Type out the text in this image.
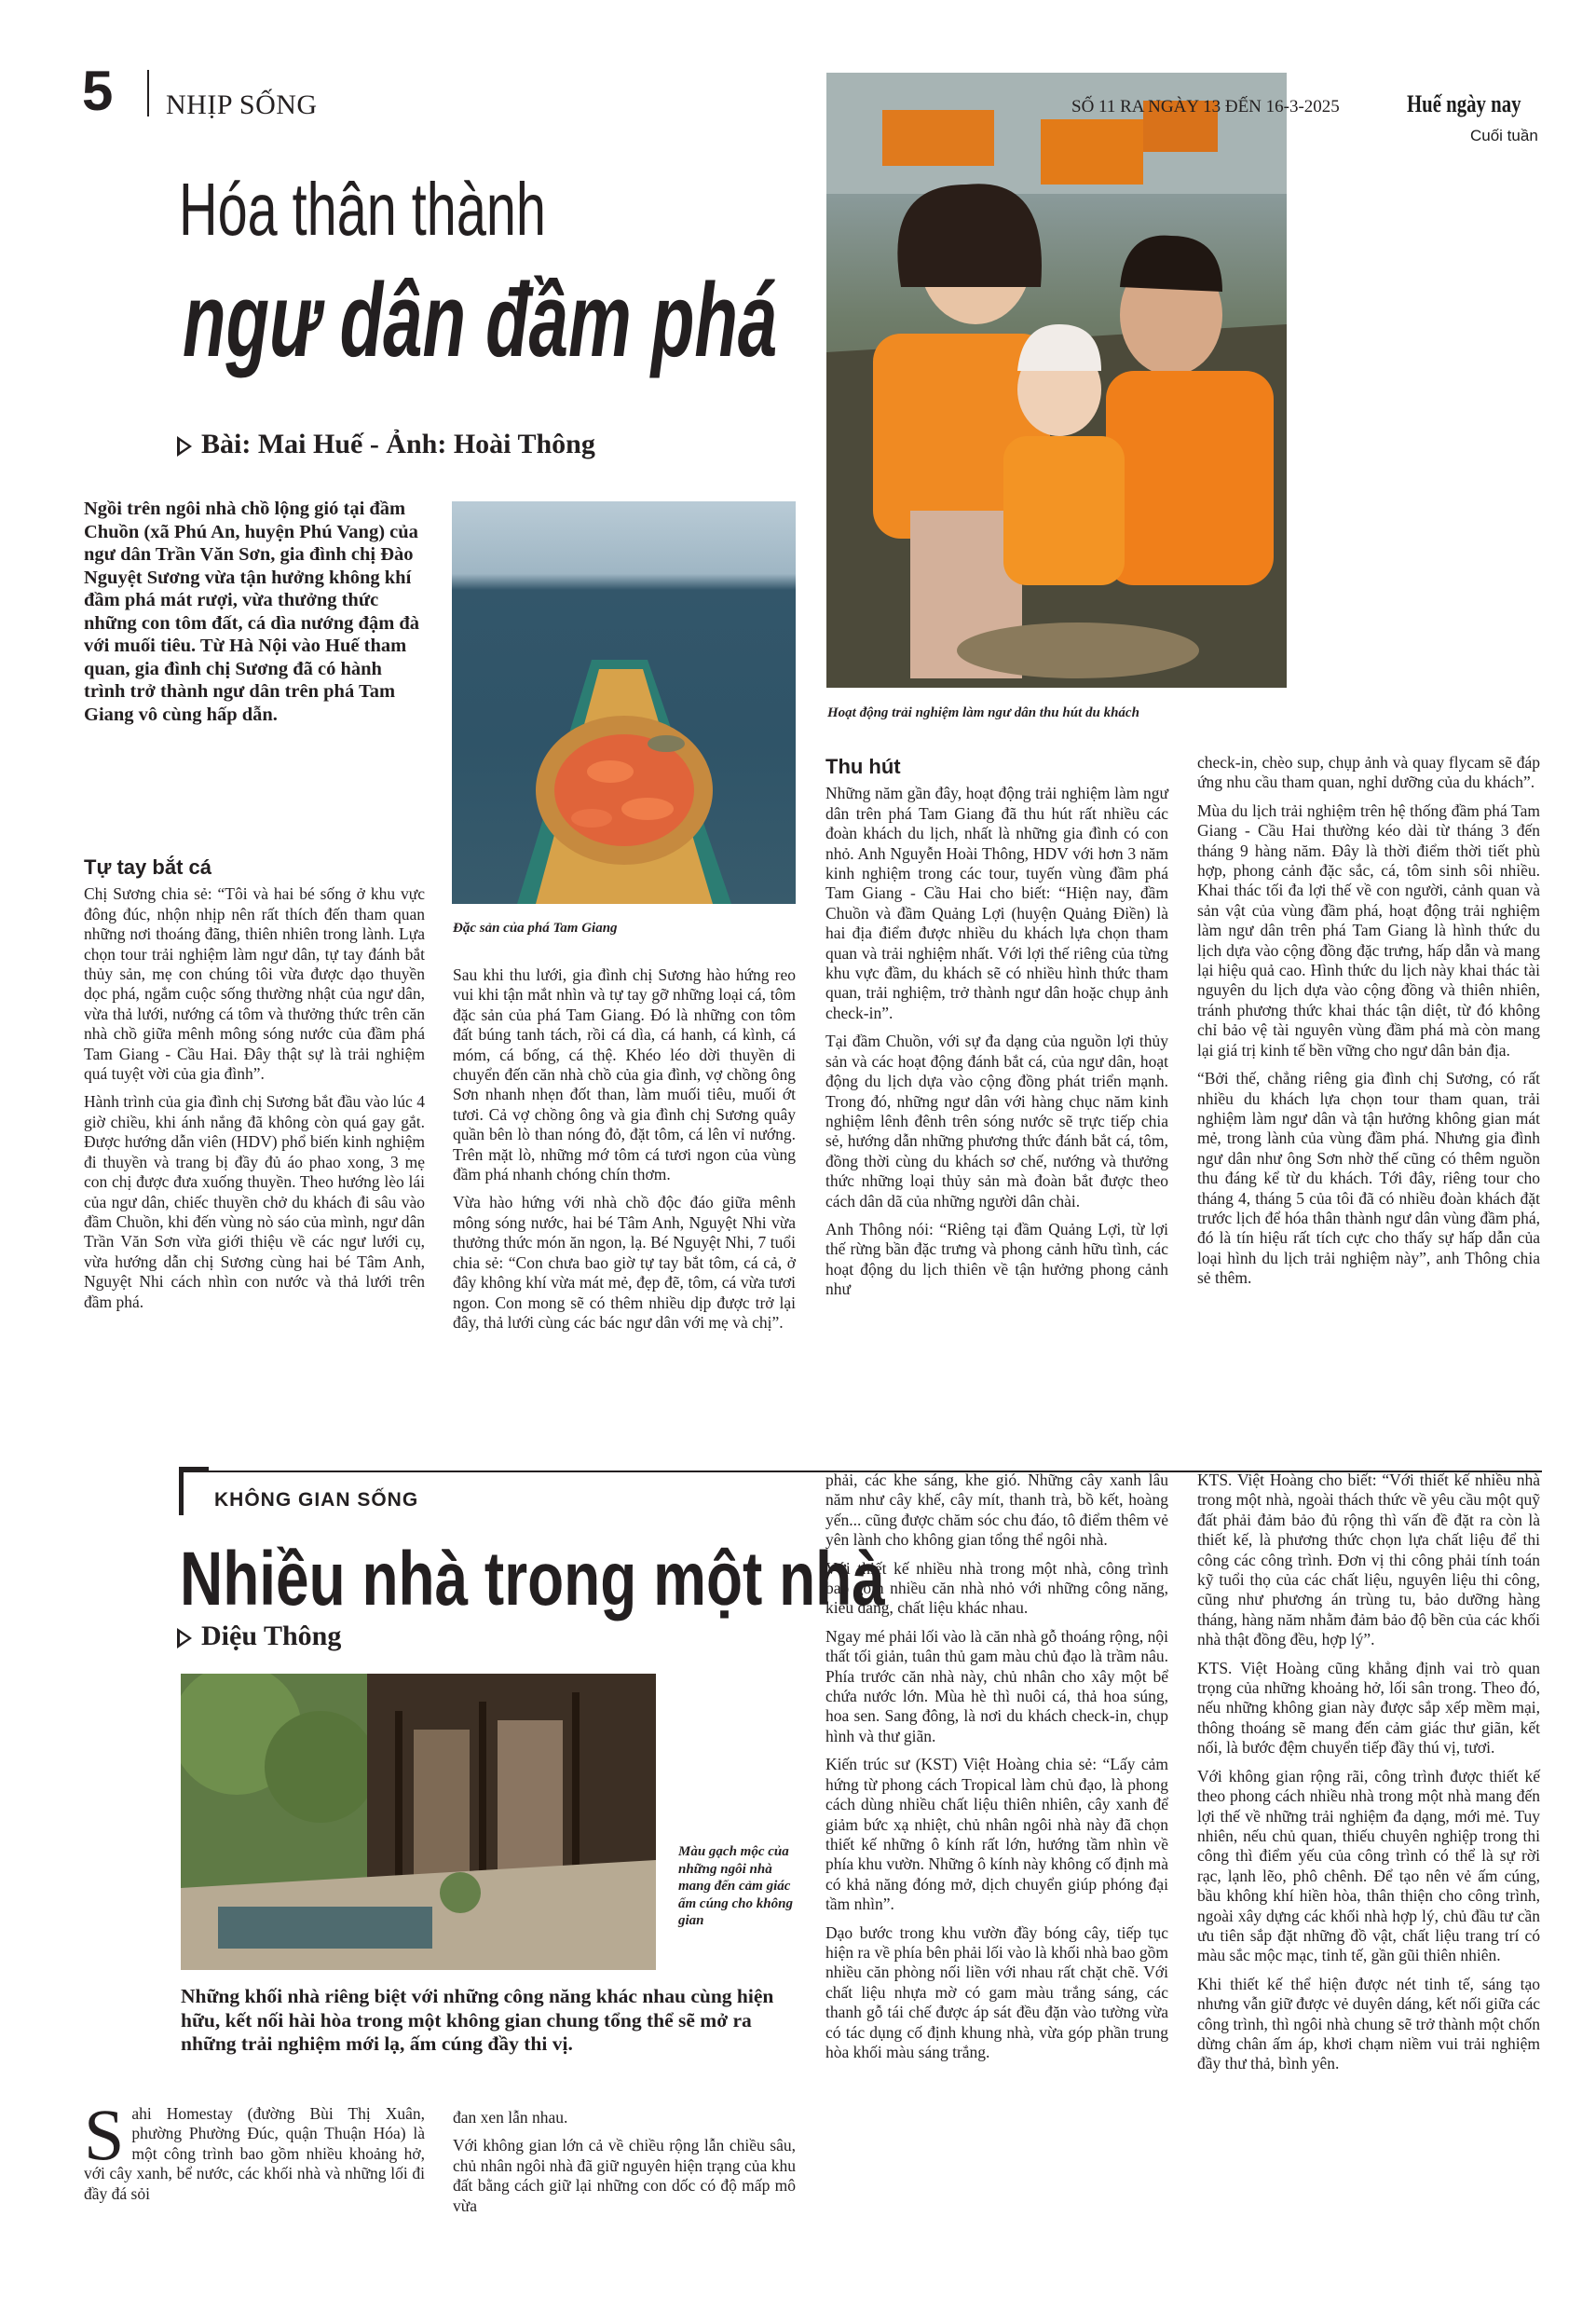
5 NHỊP SỐNG
Hóa thân thành
ngư dân đầm phá
Bài: Mai Huế - Ảnh: Hoài Thông
SỐ 11 RA NGÀY 13 ĐẾN 16-3-2025	Huế ngày nay
Cuối tuần
Hoạt động trải nghiệm làm ngư dân thu hút du khách
Ngồi trên ngôi nhà chồ lộng gió tại đầm Chuồn (xã Phú An, huyện Phú Vang) của ngư dân Trần Văn Sơn, gia đình chị Đào Nguyệt Sương vừa tận hưởng không khí đầm phá mát rượi, vừa thưởng thức những con tôm đất, cá dìa nướng đậm đà với muối tiêu. Từ Hà Nội vào Huế tham quan, gia đình chị Sương đã có hành trình trở thành ngư dân trên phá Tam Giang vô cùng hấp dẫn.
Đặc sản của phá Tam Giang
Tự tay bắt cá

Chị Sương chia sẻ: “Tôi và hai bé sống ở khu vực đông đúc, nhộn nhịp nên rất thích đến tham quan những nơi thoáng đãng, thiên nhiên trong lành. Lựa chọn tour trải nghiệm làm ngư dân, tự tay đánh bắt thủy sản, mẹ con chúng tôi vừa được dạo thuyền dọc phá, ngắm cuộc sống thường nhật của ngư dân, vừa thả lưới, nướng cá tôm và thưởng thức trên căn nhà chồ giữa mênh mông sóng nước của đầm phá Tam Giang - Cầu Hai. Đây thật sự là trải nghiệm quá tuyệt vời của gia đình”.

Hành trình của gia đình chị Sương bắt đầu vào lúc 4 giờ chiều, khi ánh nắng đã không còn quá gay gắt. Được hướng dẫn viên (HDV) phổ biến kinh nghiệm đi thuyền và trang bị đầy đủ áo phao xong, 3 mẹ con chị được đưa xuống thuyền. Theo hướng lèo lái của ngư dân, chiếc thuyền chở du khách đi sâu vào đầm Chuồn, khi đến vùng nò sáo của mình, ngư dân Trần Văn Sơn vừa giới thiệu về các ngư lưới cụ, vừa hướng dẫn chị Sương cùng hai bé Tâm Anh, Nguyệt Nhi cách nhìn con nước và thả lưới trên đầm phá.

Sau khi thu lưới, gia đình chị Sương hào hứng reo vui khi tận mắt nhìn và tự tay gỡ những loại cá, tôm đặc sản của phá Tam Giang. Đó là những con tôm đất búng tanh tách, rồi cá dìa, cá hanh, cá kình, cá móm, cá bống, cá thệ. Khéo léo dời thuyền di chuyển đến căn nhà chồ của gia đình, vợ chồng ông Sơn nhanh nhẹn đốt than, làm muối tiêu, muối ớt tươi. Cả vợ chồng ông và gia đình chị Sương quây quần bên lò than nóng đỏ, đặt tôm, cá lên vỉ nướng. Trên mặt lò, những mớ tôm cá tươi ngon của vùng đầm phá nhanh chóng chín thơm.

Vừa hào hứng với nhà chồ độc đáo giữa mênh mông sóng nước, hai bé Tâm Anh, Nguyệt Nhi vừa thưởng thức món ăn ngon, lạ. Bé Nguyệt Nhi, 7 tuổi chia sẻ: “Con chưa bao giờ tự tay bắt tôm, cá cả, ở đây không khí vừa mát mẻ, đẹp đẽ, tôm, cá vừa tươi ngon. Con mong sẽ có thêm nhiều dịp được trở lại đây, thả lưới cùng các bác ngư dân với mẹ và chị”.

Thu hút

Những năm gần đây, hoạt động trải nghiệm làm ngư dân trên phá Tam Giang đã thu hút rất nhiều các đoàn khách du lịch, nhất là những gia đình có con nhỏ. Anh Nguyễn Hoài Thông, HDV với hơn 3 năm kinh nghiệm trong các tour, tuyến vùng đầm phá Tam Giang - Cầu Hai cho biết: “Hiện nay, đầm Chuồn và đầm Quảng Lợi (huyện Quảng Điền) là hai địa điểm được nhiều du khách lựa chọn tham quan và trải nghiệm nhất. Với lợi thế riêng của từng khu vực đầm, du khách sẽ có nhiều hình thức tham quan, trải nghiệm, trở thành ngư dân hoặc chụp ảnh check-in”.

Tại đầm Chuồn, với sự đa dạng của nguồn lợi thủy sản và các hoạt động đánh bắt cá, của ngư dân, hoạt động du lịch dựa vào cộng đồng phát triển mạnh. Trong đó, những ngư dân với hàng chục năm kinh nghiệm lênh đênh trên sóng nước sẽ trực tiếp chia sẻ, hướng dẫn những phương thức đánh bắt cá, tôm, đồng thời cùng du khách sơ chế, nướng và thưởng thức những loại thủy sản mà đoàn bắt được theo cách dân dã của những người dân chài.

Anh Thông nói: “Riêng tại đầm Quảng Lợi, từ lợi thế rừng bần đặc trưng và phong cảnh hữu tình, các hoạt động du lịch thiên về tận hưởng phong cảnh như

check-in, chèo sup, chụp ảnh và quay flycam sẽ đáp ứng nhu cầu tham quan, nghỉ dưỡng của du khách”.

Mùa du lịch trải nghiệm trên hệ thống đầm phá Tam Giang - Cầu Hai thường kéo dài từ tháng 3 đến tháng 9 hàng năm. Đây là thời điểm thời tiết phù hợp, phong cảnh đặc sắc, cá, tôm sinh sôi nhiều. Khai thác tối đa lợi thế về con người, cảnh quan và sản vật của vùng đầm phá, hoạt động trải nghiệm làm ngư dân trên phá Tam Giang là hình thức du lịch dựa vào cộng đồng đặc trưng, hấp dẫn và mang lại hiệu quả cao. Hình thức du lịch này khai thác tài nguyên du lịch dựa vào cộng đồng và thiên nhiên, tránh phương thức khai thác tận diệt, từ đó không chỉ bảo vệ tài nguyên vùng đầm phá mà còn mang lại giá trị kinh tế bền vững cho ngư dân bản địa.

“Bởi thế, chẳng riêng gia đình chị Sương, có rất nhiều du khách lựa chọn tour tham quan, trải nghiệm làm ngư dân và tận hưởng không gian mát mẻ, trong lành của vùng đầm phá. Nhưng gia đình ngư dân như ông Sơn nhờ thế cũng có thêm nguồn thu đáng kể từ du khách. Tới đây, riêng tour cho tháng 4, tháng 5 của tôi đã có nhiều đoàn khách đặt trước lịch để hóa thân thành ngư dân vùng đầm phá, đó là tín hiệu rất tích cực cho thấy sự hấp dẫn của loại hình du lịch trải nghiệm này”, anh Thông chia sẻ thêm.

KHÔNG GIAN SỐNG
Nhiều nhà trong một nhà
Diệu Thông
Màu gạch mộc của những ngôi nhà mang đến cảm giác ấm cúng cho không gian
Những khối nhà riêng biệt với những công năng khác nhau cùng hiện hữu, kết nối hài hòa trong một không gian chung tổng thể sẽ mở ra những trải nghiệm mới lạ, ấm cúng đầy thi vị.
S ahi Homestay (đường Bùi Thị Xuân, phường Phường Đúc, quận Thuận Hóa) là một công trình bao gồm nhiều khoảng hở, với cây xanh, bể nước, các khối nhà và những lối đi đầy đá sỏi

đan xen lẫn nhau.

Với không gian lớn cả về chiều rộng lẫn chiều sâu, chủ nhân ngôi nhà đã giữ nguyên hiện trạng của khu đất bằng cách giữ lại những con dốc có độ mấp mô vừa

phải, các khe sáng, khe gió. Những cây xanh lâu năm như cây khế, cây mít, thanh trà, bồ kết, hoàng yến... cũng được chăm sóc chu đáo, tô điểm thêm vẻ yên lành cho không gian tổng thể ngôi nhà.

Với thiết kế nhiều nhà trong một nhà, công trình bao gồm nhiều căn nhà nhỏ với những công năng, kiểu dáng, chất liệu khác nhau.

Ngay mé phải lối vào là căn nhà gỗ thoáng rộng, nội thất tối giản, tuân thủ gam màu chủ đạo là trầm nâu. Phía trước căn nhà này, chủ nhân cho xây một bể chứa nước lớn. Mùa hè thì nuôi cá, thả hoa súng, hoa sen. Sang đông, là nơi du khách check-in, chụp hình và thư giãn.

Kiến trúc sư (KST) Việt Hoàng chia sẻ: “Lấy cảm hứng từ phong cách Tropical làm chủ đạo, là phong cách dùng nhiều chất liệu thiên nhiên, cây xanh để giảm bức xạ nhiệt, chủ nhân ngôi nhà này đã chọn thiết kế những ô kính rất lớn, hướng tầm nhìn về phía khu vườn. Những ô kính này không cố định mà có khả năng đóng mở, dịch chuyển giúp phóng đại tầm nhìn”.

Dạo bước trong khu vườn đầy bóng cây, tiếp tục hiện ra về phía bên phải lối vào là khối nhà bao gồm nhiều căn phòng nối liền với nhau rất chặt chẽ. Với chất liệu nhựa mờ có gam màu trắng sáng, các thanh gỗ tái chế được áp sát đều đặn vào tường vừa có tác dụng cố định khung nhà, vừa góp phần trung hòa khối màu sáng trắng.

KTS. Việt Hoàng cho biết: “Với thiết kế nhiều nhà trong một nhà, ngoài thách thức về yêu cầu một quỹ đất phải đảm bảo đủ rộng thì vấn đề đặt ra còn là thiết kế, là phương thức chọn lựa chất liệu để thi công các công trình. Đơn vị thi công phải tính toán kỹ tuổi thọ của các chất liệu, nguyên liệu thi công, cũng như phương án trùng tu, bảo dưỡng hàng tháng, hàng năm nhằm đảm bảo độ bền của các khối nhà thật đồng đều, hợp lý”.

KTS. Việt Hoàng cũng khẳng định vai trò quan trọng của những khoảng hở, lối sân trong. Theo đó, nếu những không gian này được sắp xếp mềm mại, thông thoáng sẽ mang đến cảm giác thư giãn, kết nối, là bước đệm chuyển tiếp đầy thú vị, tươi.

Với không gian rộng rãi, công trình được thiết kế theo phong cách nhiều nhà trong một nhà mang đến lợi thế về những trải nghiệm đa dạng, mới mẻ. Tuy nhiên, nếu chủ quan, thiếu chuyên nghiệp trong thi công thì điểm yếu của công trình có thể là sự rời rạc, lạnh lẽo, phô chênh. Để tạo nên vẻ ấm cúng, bầu không khí hiền hòa, thân thiện cho công trình, ngoài xây dựng các khối nhà hợp lý, chủ đầu tư cần ưu tiên sắp đặt những đồ vật, chất liệu trang trí có màu sắc mộc mạc, tinh tế, gần gũi thiên nhiên.

Khi thiết kế thể hiện được nét tinh tế, sáng tạo nhưng vẫn giữ được vẻ duyên dáng, kết nối giữa các công trình, thì ngôi nhà chung sẽ trở thành một chốn dừng chân ấm áp, khơi chạm niềm vui trải nghiệm đầy thư thả, bình yên.
